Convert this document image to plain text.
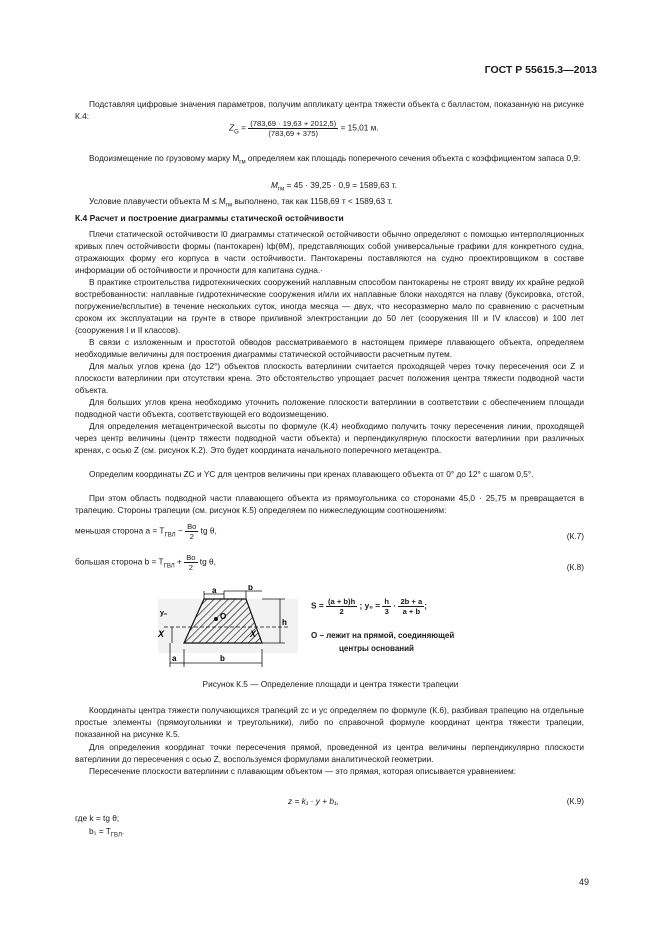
ГОСТ Р 55615.3—2013

Подставляя цифровые значения параметров, получим аппликату центра тяжести объекта с балластом, показанную на рисунке К.4:

$Z_G = \frac{(783,69 \cdot 19,63 + 2012,5)}{(783,69 + 375)} = 15,01$ м.

Водоизмещение по грузовому марку $M_{гм}$ определяем как площадь поперечного сечения объекта с коэффициентом запаса 0,9:

$M_{гм} = 45 \cdot 39,25 \cdot 0,9 = 1589,63$ т.

Условие плавучести объекта $M \le M_{гм}$ выполнено, так как 1158,69 т < 1589,63 т.

К.4 Расчет и построение диаграммы статической остойчивости

Плечи статической остойчивости l0 диаграммы статической остойчивости обычно определяют с помощью интерполяционных кривых плеч остойчивости формы (пантокарен) lф(θM), представляющих собой универсальные графики для конкретного судна, отражающих форму его корпуса в части остойчивости. Пантокарены поставляются на судно проектировщиком в составе информации об остойчивости и прочности для капитана судна.·

В практике строительства гидротехнических сооружений наплавным способом пантокарены не строят ввиду их крайне редкой востребованности: наплавные гидротехнические сооружения и/или их наплавные блоки находятся на плаву (буксировка, отстой, погружение/всплытие) в течение нескольких суток, иногда месяца — двух, что несоразмерно мало по сравнению с расчетным сроком их эксплуатации на грунте в створе приливной электростанции до 50 лет (сооружения III и IV классов) и 100 лет (сооружения I и II классов).

В связи с изложенным и простотой обводов рассматриваемого в настоящем примере плавающего объекта, определяем необходимые величины для построения диаграммы статической остойчивости расчетным путем.

Для малых углов крена (до 12°) объектов плоскость ватерлинии считается проходящей через точку пересечения оси Z и плоскости ватерлинии при отсутствии крена. Это обстоятельство упрощает расчет положения центра тяжести подводной части объекта.

Для больших углов крена необходимо уточнить положение плоскости ватерлинии в соответствии с обеспечением площади подводной части объекта, соответствующей его водоизмещению.

Для определения метацентрической высоты по формуле (К.4) необходимо получить точку пересечения линии, проходящей через центр величины (центр тяжести подводной части объекта) и перпендикулярную плоскости ватерлинии при различных кренах, с осью Z (см. рисунок К.2). Это будет координата начального поперечного метацентра.

Определим координаты ZC и YC для центров величины при кренах плавающего объекта от 0° до 12° с шагом 0,5°.

При этом область подводной части плавающего объекта из прямоугольника со сторонами 45,0 · 25,75 м превращается в трапецию. Стороны трапеции (см. рисунок К.5) определяем по нижеследующим соотношениям:

меньшая сторона $a = T_{ГВЛ} - \frac{Bo}{2}$ tg θ,
(К.7)
большая сторона $b = T_{ГВЛ} + \frac{Bo}{2}$ tg θ,
(К.8)
a	b
h
y₀
X	X
O
a	b
$S = \frac{(a + b)h}{2}$ ; $y_0 = \frac{h}{3} \cdot \frac{2b + a}{a + b}$ ;
O – лежит на прямой, соединяющей
центры оснований
Рисунок К.5 — Определение площади и центра тяжести трапеции

Координаты центра тяжести получающихся трапеций zc и yc определяем по формуле (К.6), разбивая трапецию на отдельные простые элементы (прямоугольники и треугольники), либо по справочной формуле координат центра тяжести трапеции, показанной на рисунке К.5.

Для определения координат точки пересечения прямой, проведенной из центра величины перпендикулярно плоскости ватерлинии до пересечения с осью Z, воспользуемся формулами аналитической геометрии.

Пересечение плоскости ватерлинии с плавающим объектом — это прямая, которая описывается уравнением:

z = k₁ · y + b₁,	(К.9)
где k = tg θ;
$b_1 = T_{ГВЛ}$.
49
